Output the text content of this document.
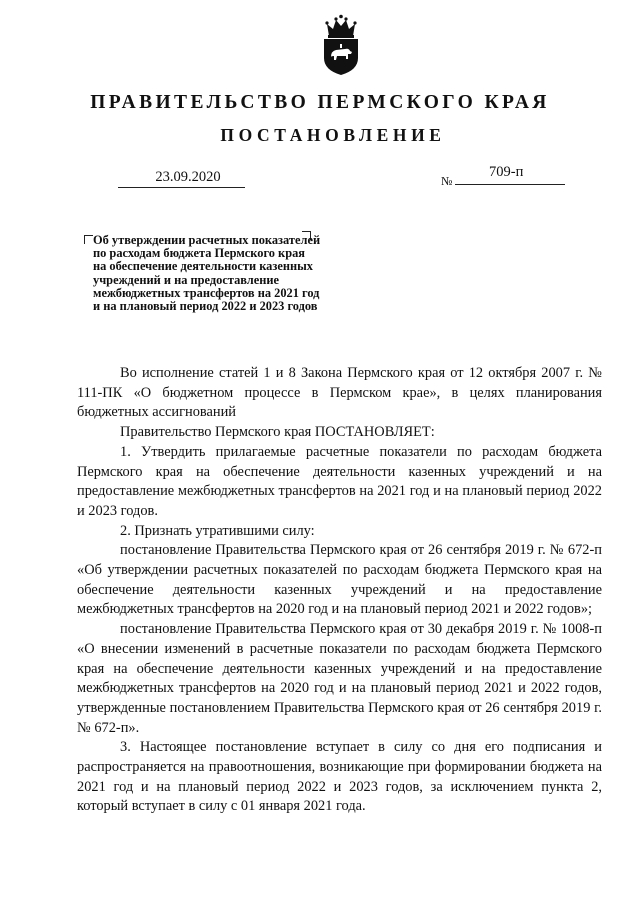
ПРАВИТЕЛЬСТВО ПЕРМСКОГО КРАЯ
ПОСТАНОВЛЕНИЕ
23.09.2020	№
709-п
Об утверждении расчетных показателей
по расходам бюджета Пермского края
на обеспечение деятельности казенных
учреждений и на предоставление
межбюджетных трансфертов на 2021 год
и на плановый период 2022 и 2023 годов

Во исполнение статей 1 и 8 Закона Пермского края от 12 октября 2007 г. № 111-ПК «О бюджетном процессе в Пермском крае», в целях планирования бюджетных ассигнований

Правительство Пермского края ПОСТАНОВЛЯЕТ:

1. Утвердить прилагаемые расчетные показатели по расходам бюджета Пермского края на обеспечение деятельности казенных учреждений и на предоставление межбюджетных трансфертов на 2021 год и на плановый период 2022 и 2023 годов.

2. Признать утратившими силу:

постановление Правительства Пермского края от 26 сентября 2019 г. № 672-п «Об утверждении расчетных показателей по расходам бюджета Пермского края на обеспечение деятельности казенных учреждений и на предоставление межбюджетных трансфертов на 2020 год и на плановый период 2021 и 2022 годов»;

постановление Правительства Пермского края от 30 декабря 2019 г. № 1008-п «О внесении изменений в расчетные показатели по расходам бюджета Пермского края на обеспечение деятельности казенных учреждений и на предоставление межбюджетных трансфертов на 2020 год и на плановый период 2021 и 2022 годов, утвержденные постановлением Правительства Пермского края от 26 сентября 2019 г. № 672-п».

3. Настоящее постановление вступает в силу со дня его подписания и распространяется на правоотношения, возникающие при формировании бюджета на 2021 год и на плановый период 2022 и 2023 годов, за исключением пункта 2, который вступает в силу с 01 января 2021 года.
